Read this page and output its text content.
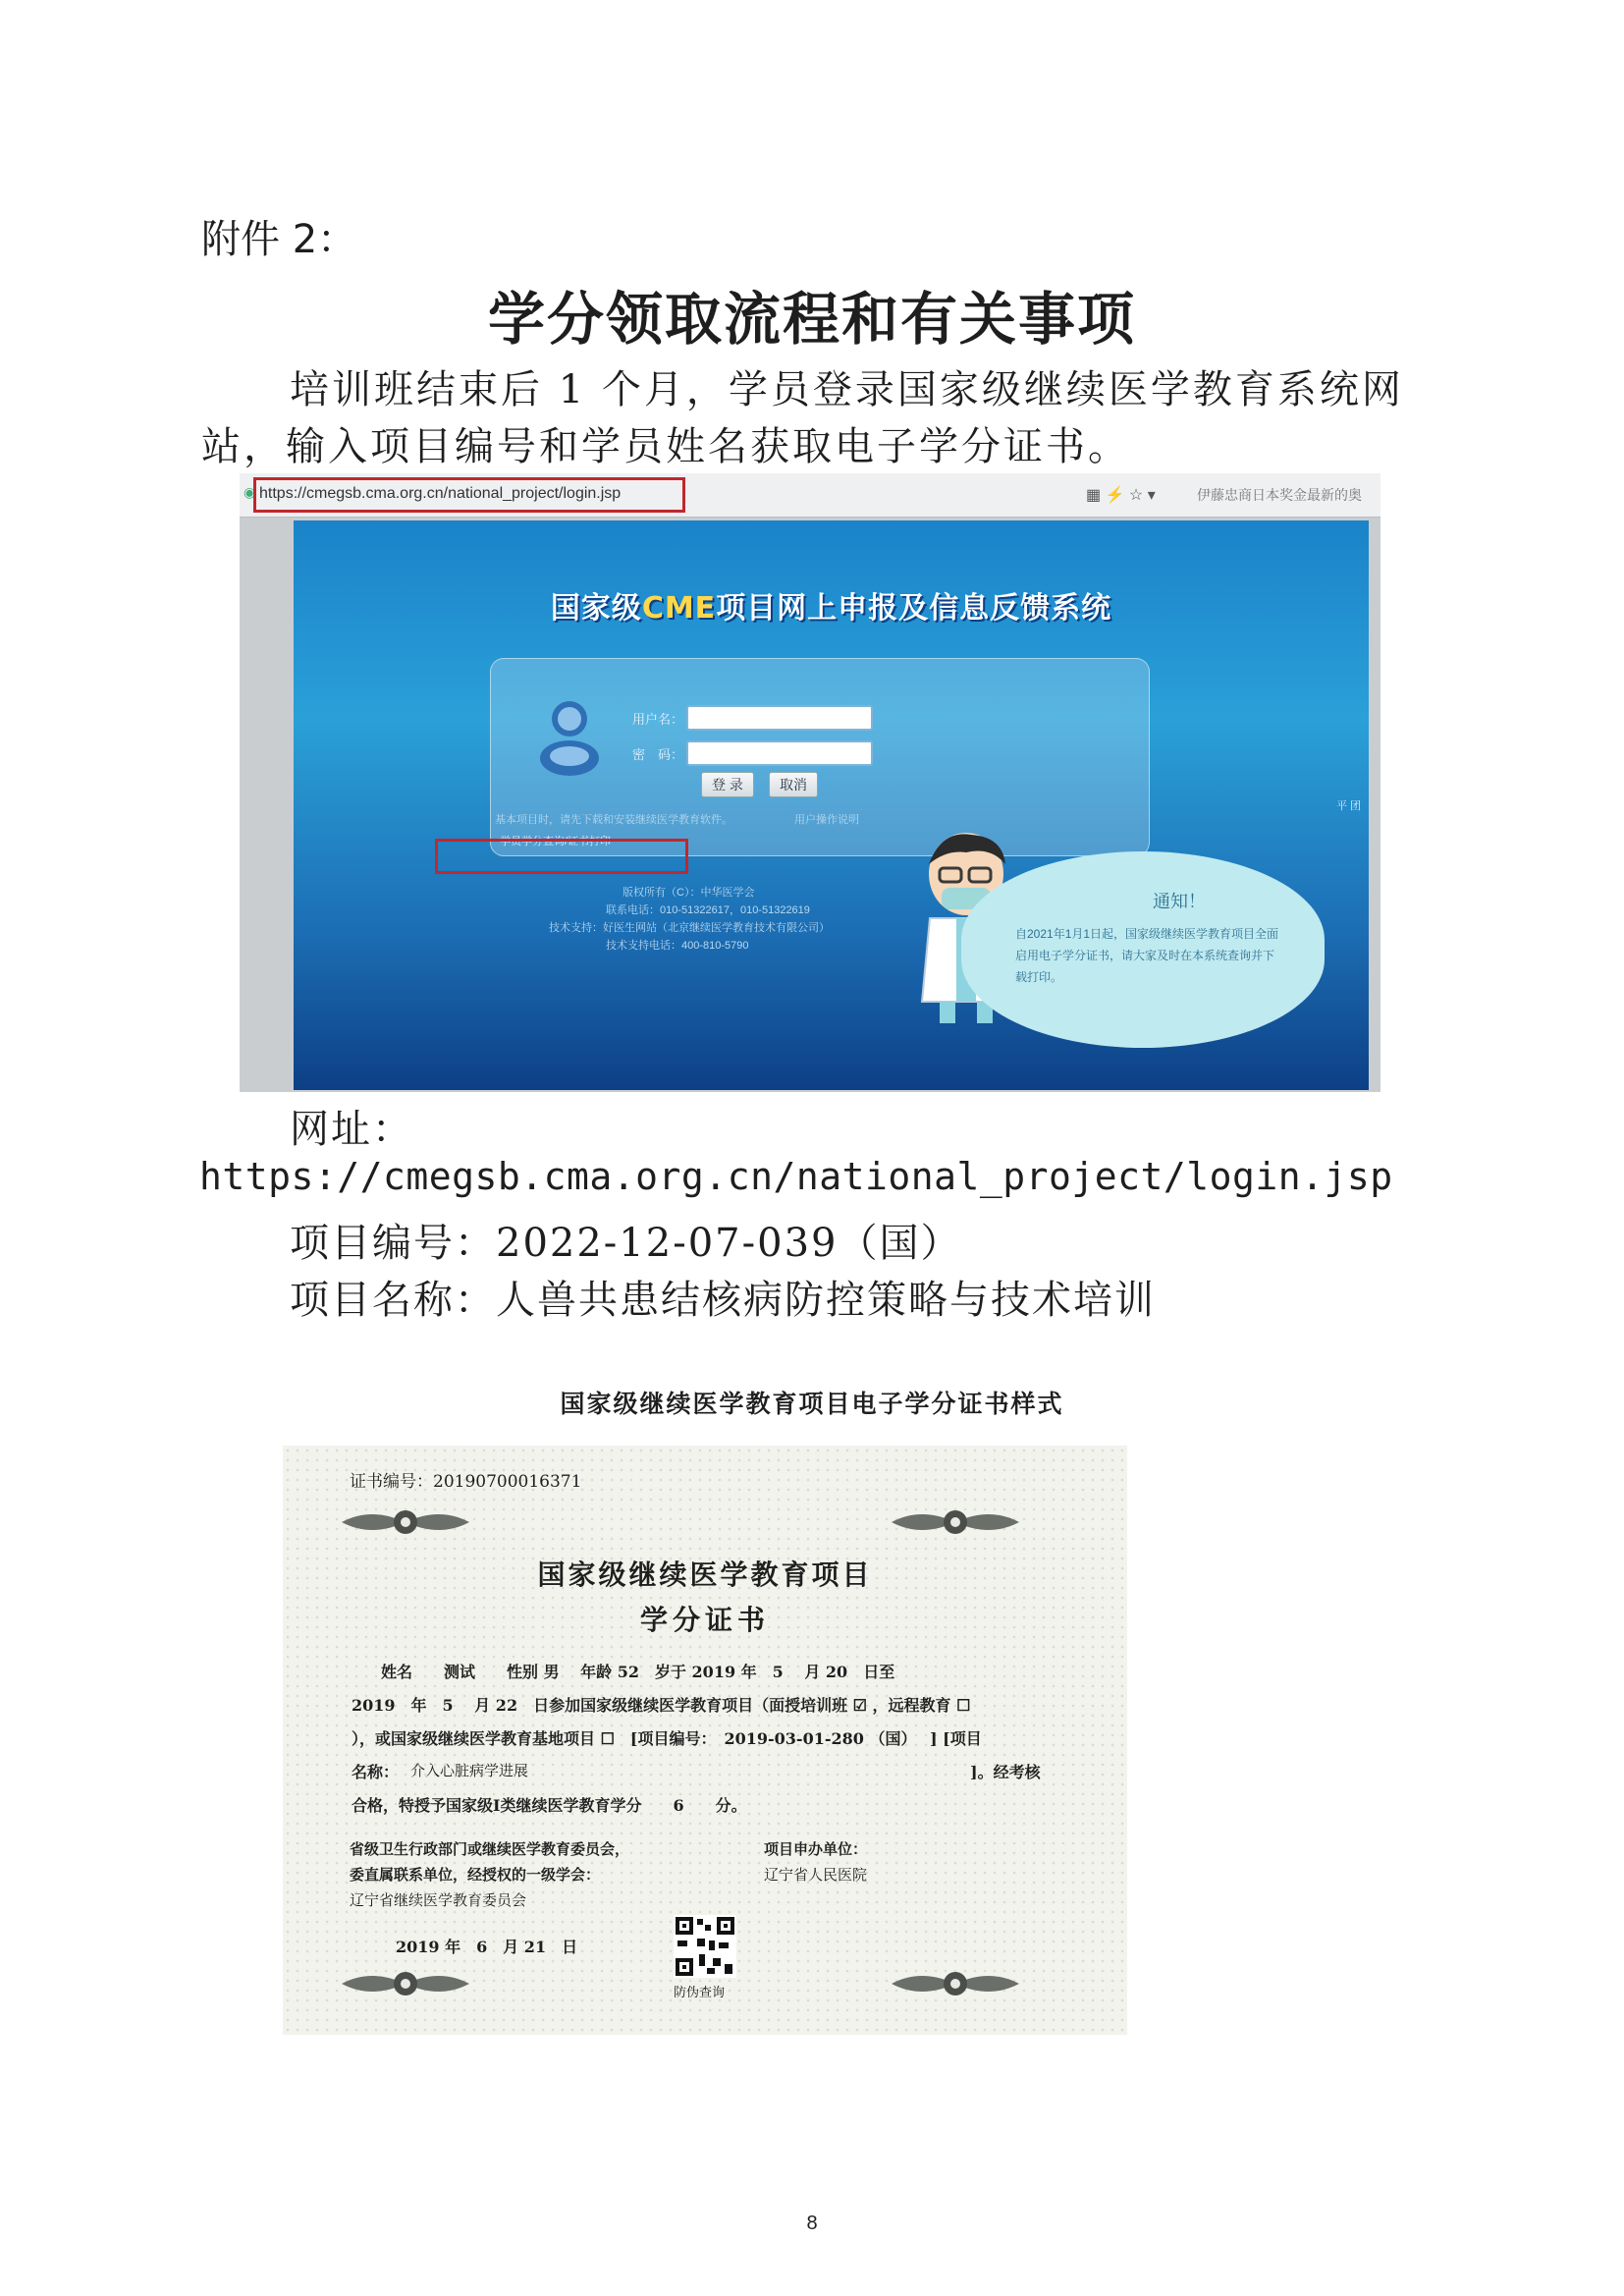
附件 2：
学分领取流程和有关事项
培训班结束后 1 个月，学员登录国家级继续医学教育系统网站，输入项目编号和学员姓名获取电子学分证书。
◉ https://cmegsb.cma.org.cn/national_project/login.jsp	▦ ⚡ ☆ ▾	伊藤忠商日本奖金最新的奥
国家级CME项目网上申报及信息反馈系统
用户名：
密　码：
登 录	取消
基本项目时，请先下载和安装继续医学教育软件。	用户操作说明
学员学分查询/证书打印
版权所有（C）：中华医学会
联系电话：010-51322617，010-51322619
技术支持：好医生网站（北京继续医学教育技术有限公司）
技术支持电话：400-810-5790
平 团
通知！
自2021年1月1日起，国家级继续医学教育项目全面启用电子学分证书，请大家及时在本系统查询并下载打印。
网址：
https://cmegsb.cma.org.cn/national_project/login.jsp
项目编号：2022-12-07-039（国）
项目名称：人兽共患结核病防控策略与技术培训
国家级继续医学教育项目电子学分证书样式
证书编号：20190700016371
国家级继续医学教育项目
学分证书
姓名　　测试　　性别 男　 年龄 52　岁于 2019 年　5　 月 20　日至
2019　年　5　 月 22　日参加国家级继续医学教育项目（面授培训班 ☑ ，远程教育 ☐
），或国家级继续医学教育基地项目 ☐　[项目编号：　2019-03-01-280 （国）　 ] [项目
名称： 介入心脏病学进展	]。经考核
合格，特授予国家级Ⅰ类继续医学教育学分　　6　　分。
省级卫生行政部门或继续医学教育委员会，
委直属联系单位，经授权的一级学会：
辽宁省继续医学教育委员会
项目申办单位：
辽宁省人民医院
2019 年　6　月 21　日
防伪查询
8
